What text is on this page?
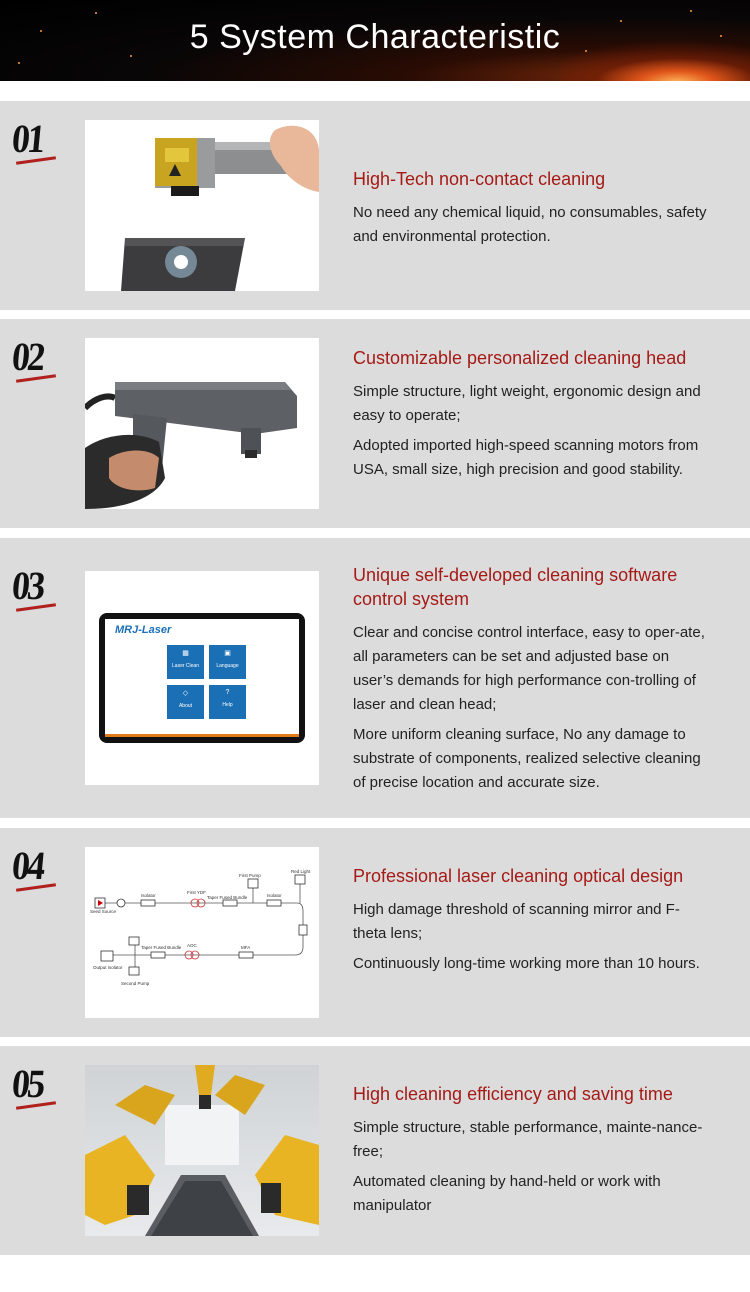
5 System Characteristic
01

High-Tech non-contact cleaning

No need any chemical liquid, no consumables, safety and environmental protection.

02	Customizable personalized cleaning head

Simple structure, light weight, ergonomic design and easy to operate;

Adopted imported high-speed scanning motors from USA, small size, high precision and good stability.

03
MRJ-Laser
▦
Laser Clean
▣
Language
◇
About
?
Help

Unique self-developed cleaning software control system

Clear and concise control interface, easy to oper-ate, all parameters can be set and adjusted base on user’s demands for high performance con-trolling of laser and clean head;

More uniform cleaning surface, No any damage to substrate of components, realized selective cleaning of precise location and accurate size.

04
Seed Source
Isolator
First YDF
Taper Fused Bundle	Isolator
First Pump
Red Light
Output Isolator
Taper Fused Bundle AOC	MFA
Second Pump

Professional laser cleaning optical design

High damage threshold of scanning mirror and F-theta lens;

Continuously long-time working more than 10 hours.

05	High cleaning efficiency and saving time

Simple structure, stable performance, mainte-nance-free;

Automated cleaning by hand-held or work with manipulator
